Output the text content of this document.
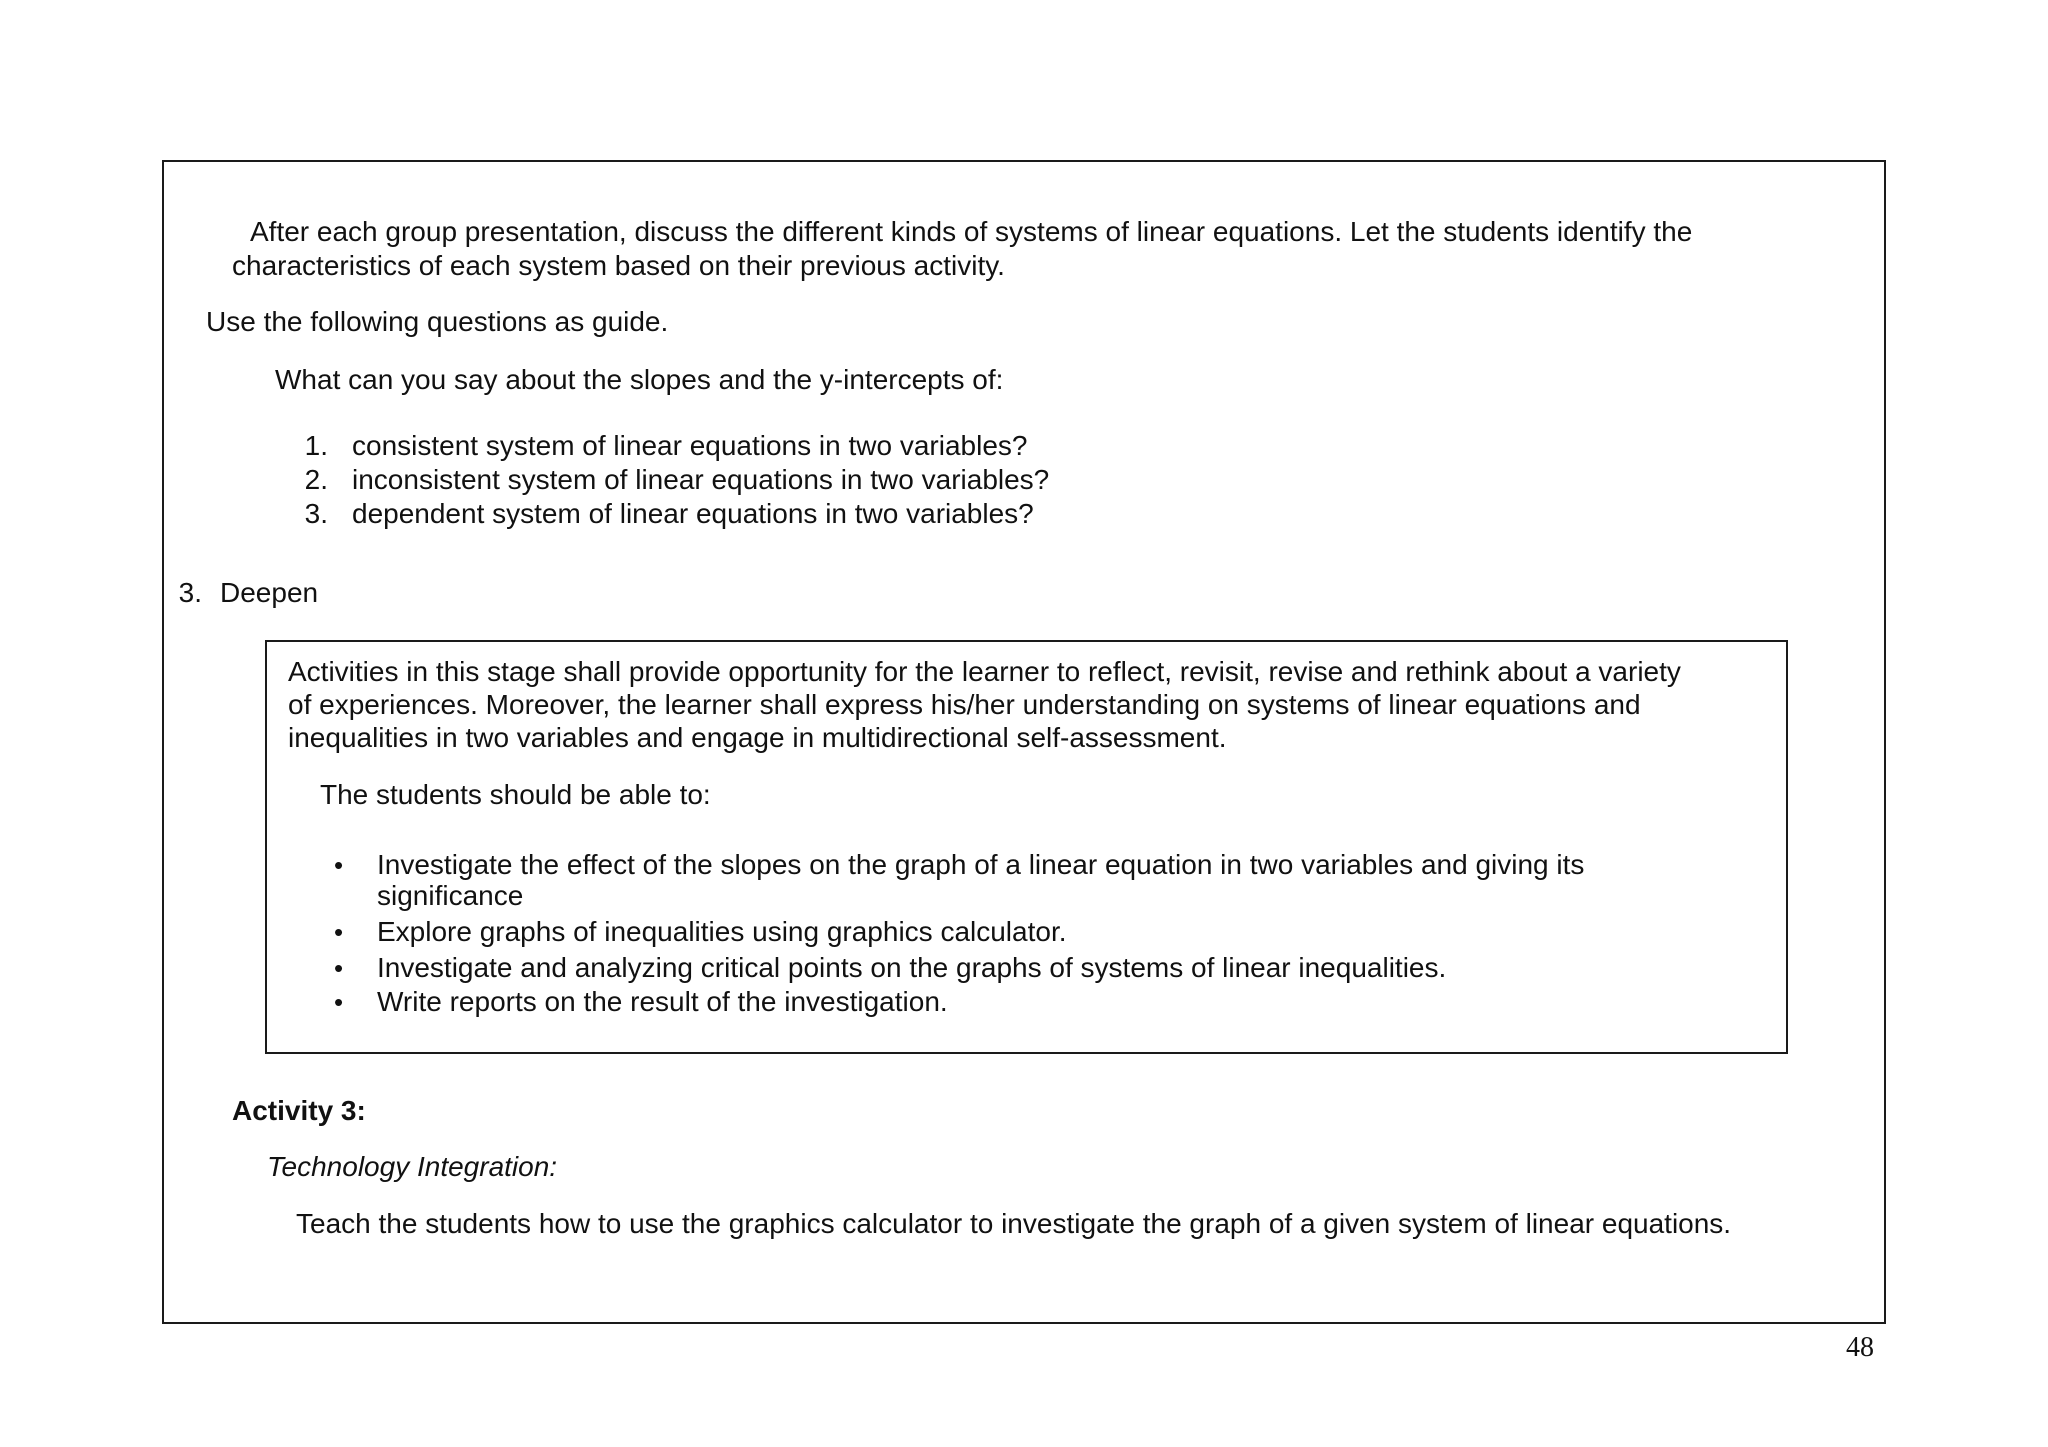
After each group presentation, discuss the different kinds of systems of linear equations. Let the students identify the
characteristics of each system based on their previous activity.
Use the following questions as guide.
What can you say about the slopes and the y-intercepts of:
1. consistent system of linear equations in two variables?
2. inconsistent system of linear equations in two variables?
3. dependent system of linear equations in two variables?
3. Deepen
Activities in this stage shall provide opportunity for the learner to reflect, revisit, revise and rethink about a variety
of experiences. Moreover, the learner shall express his/her understanding on systems of linear equations and
inequalities in two variables and engage in multidirectional self-assessment.
The students should be able to:
• Investigate the effect of the slopes on the graph of a linear equation in two variables and giving its
significance
• Explore graphs of inequalities using graphics calculator.
• Investigate and analyzing critical points on the graphs of systems of linear inequalities.
• Write reports on the result of the investigation.
Activity 3:
Technology Integration:
Teach the students how to use the graphics calculator to investigate the graph of a given system of linear equations.
48
